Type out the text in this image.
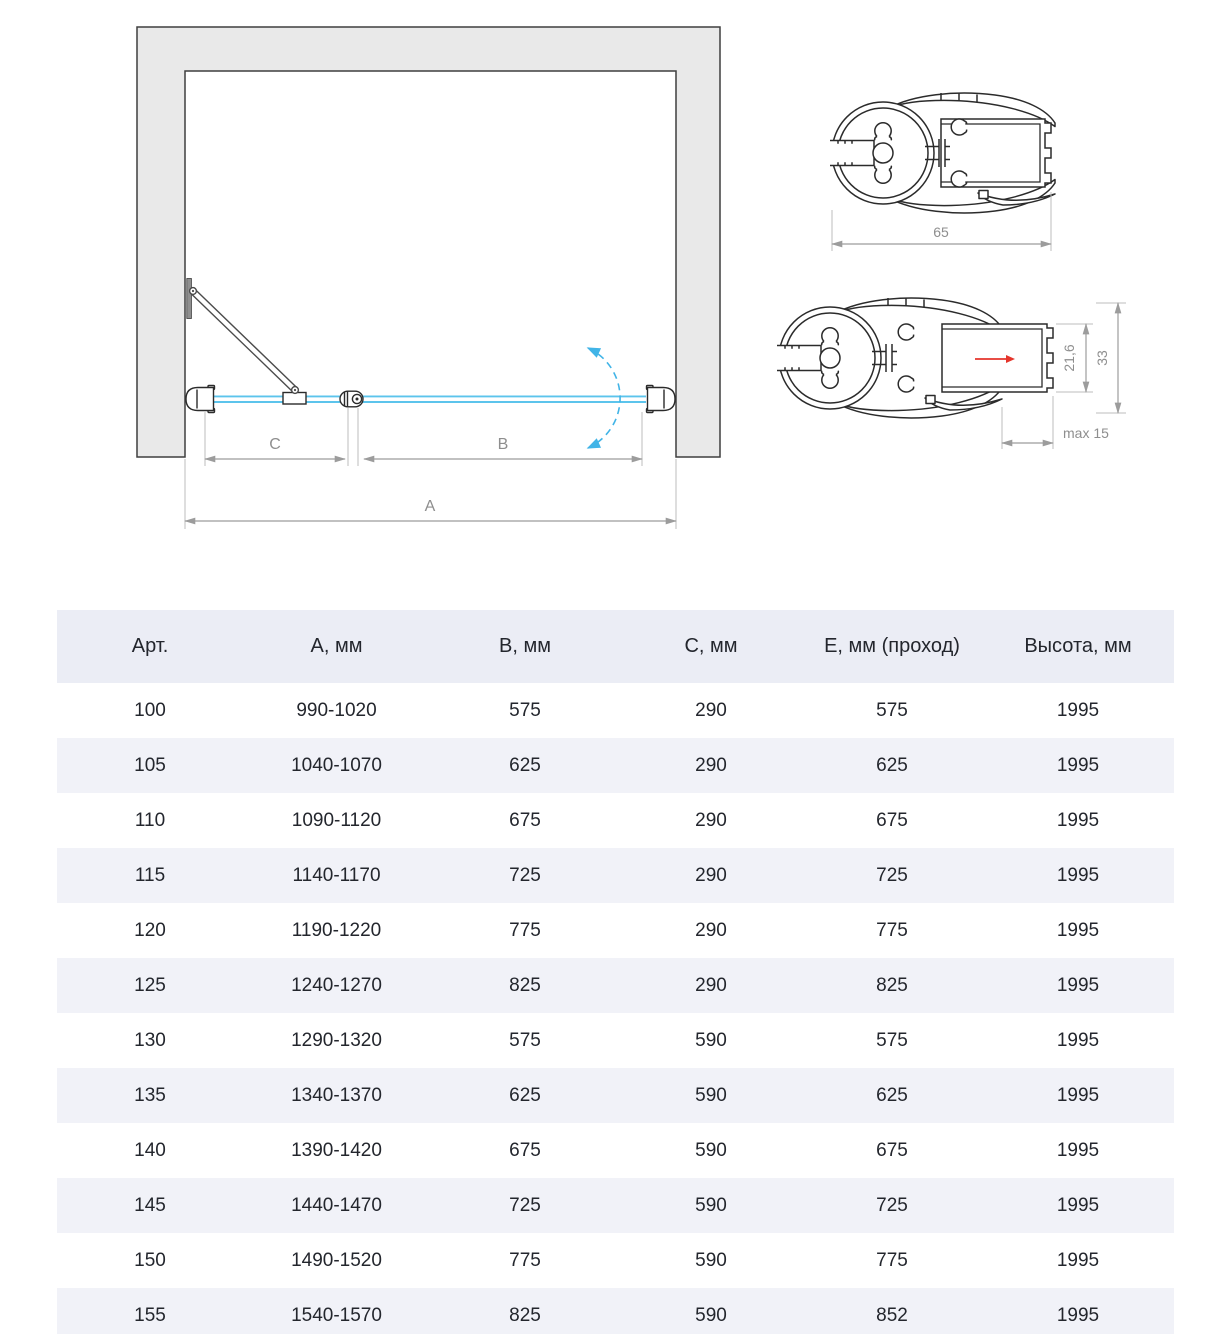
C	B
A
65
21,6 33
max 15
Арт.	А, мм	В, мм	С, мм	Е, мм (проход)	Высота, мм
100	990-1020	575	290	575	1995
105	1040-1070	625	290	625	1995
110	1090-1120	675	290	675	1995
115	1140-1170	725	290	725	1995
120	1190-1220	775	290	775	1995
125	1240-1270	825	290	825	1995
130	1290-1320	575	590	575	1995
135	1340-1370	625	590	625	1995
140	1390-1420	675	590	675	1995
145	1440-1470	725	590	725	1995
150	1490-1520	775	590	775	1995
155	1540-1570	825	590	852	1995
